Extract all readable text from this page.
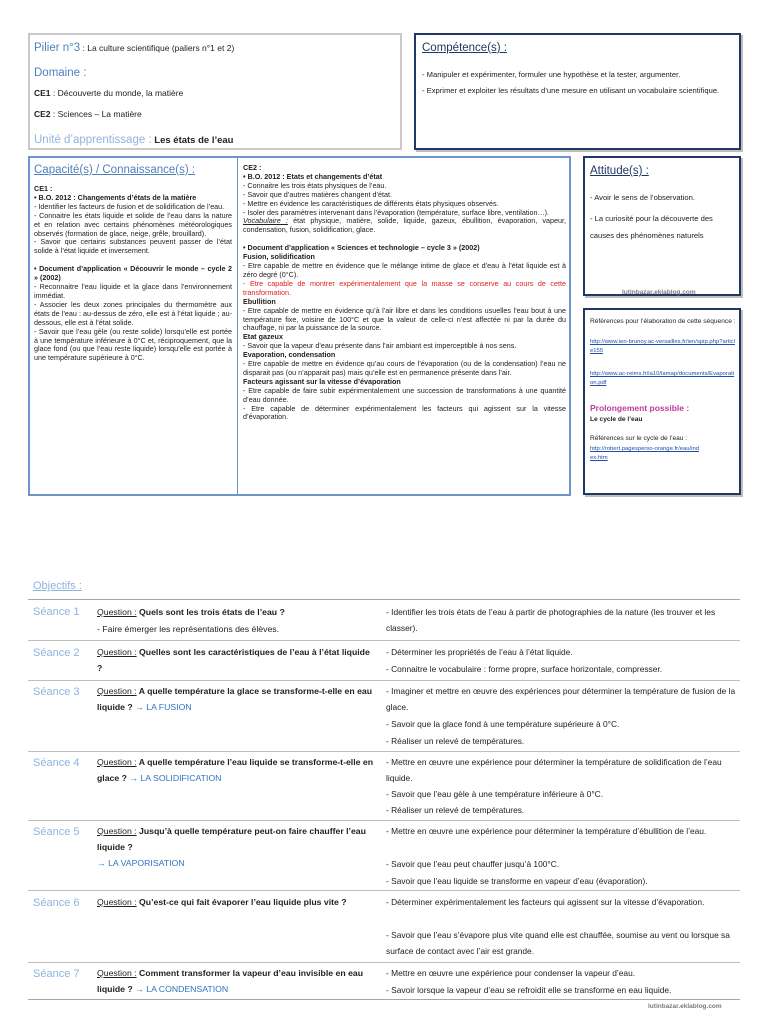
Pilier n°3 : La culture scientifique (paliers n°1 et 2)
Domaine :
CE1 : Découverte du monde, la matière
CE2 : Sciences – La matière
Unité d’apprentissage : Les états de l’eau
Compétence(s) :
- Manipuler et expérimenter, formuler une hypothèse et la tester, argumenter.
- Exprimer et exploiter les résultats d’une mesure en utilisant un vocabulaire scientifique.
Capacité(s) / Connaissance(s) :
CE1 :
• B.O. 2012 : Changements d’états de la matière
- Identifier les facteurs de fusion et de solidification de l’eau.
- Connaitre les états liquide et solide de l’eau dans la nature et en relation avec certains phénomènes météorologiques observés (formation de glace, neige, grêle, brouillard).
- Savoir que certains substances peuvent passer de l’état solide à l’état liquide et inversement.
• Document d’application « Découvrir le monde – cycle 2 » (2002)
- Reconnaitre l’eau liquide et la glace dans l’environnement immédiat.
- Associer les deux zones principales du thermomètre aux états de l’eau : au-dessus de zéro, elle est à l’état liquide ; au-dessous, elle est à l’état solide.
- Savoir que l’eau gèle (ou reste solide) lorsqu’elle est portée à une température inférieure à 0°C et, réciproquement, que la glace fond (ou que l’eau reste liquide) lorsqu’elle est portée à une température supérieure à 0°C.
CE2 :
• B.O. 2012 : Etats et changements d’état
- Connaitre les trois états physiques de l’eau.
- Savoir que d’autres matières changent d’état.
- Mettre en évidence les caractéristiques de différents états physiques observés.
- Isoler des paramètres intervenant dans l’évaporation (température, surface libre, ventilation…).
Vocabulaire : état physique, matière, solide, liquide, gazeux, ébullition, évaporation, vapeur, condensation, fusion, solidification, glace.
• Document d’application « Sciences et technologie – cycle 3 » (2002)
Fusion, solidification
- Etre capable de mettre en évidence que le mélange intime de glace et d’eau à l’état liquide est à zéro degré (0°C).
- Etre capable de montrer expérimentalement que la masse se conserve au cours de cette transformation.
Ebullition
- Etre capable de mettre en évidence qu’à l’air libre et dans les conditions usuelles l’eau bout à une température fixe, voisine de 100°C et que la valeur de celle-ci n’est affectée ni par la durée du chauffage, ni par la puissance de la source.
Etat gazeux
- Savoir que la vapeur d’eau présente dans l’air ambiant est imperceptible à nos sens.
Evaporation, condensation
- Etre capable de mettre en évidence qu’au cours de l’évaporation (ou de la condensation) l’eau ne disparait pas (ou n’apparait pas) mais qu’elle est en permanence présente dans l’air.
Facteurs agissant sur la vitesse d’évaporation
- Etre capable de faire subir expérimentalement une succession de transformations à une quantité d’eau donnée.
- Etre capable de déterminer expérimentalement les facteurs qui agissent sur la vitesse d’évaporation.
Attitude(s) :
- Avoir le sens de l’observation.
- La curiosité pour la découverte des causes des phénomènes naturels
lutinbazar.eklablog.com
Références pour l’élaboration de cette séquence :
http://www.ien-brunoy.ac-versailles.fr/ien/spip.php?article155
http://www.ac-reims.fr/ia10/lamap/documents/Evaporation.pdf
Prolongement possible :
Le cycle de l’eau
Références sur le cycle de l’eau :
http://robert.pagesperso-orange.fr/eau/index.htm
Objectifs :
Séance 1 Question : Quels sont les trois états de l’eau ?
- Faire émerger les représentations des élèves.
- Identifier les trois états de l’eau à partir de photographies de la nature (les trouver et les classer).
Séance 2 Question : Quelles sont les caractéristiques de l’eau à l’état liquide ?
- Déterminer les propriétés de l’eau à l’état liquide.
- Connaitre le vocabulaire : forme propre, surface horizontale, compresser.
Séance 3 Question : A quelle température la glace se transforme-t-elle en eau liquide ? → LA FUSION
- Imaginer et mettre en œuvre des expériences pour déterminer la température de fusion de la glace.
- Savoir que la glace fond à une température supérieure à 0°C.
- Réaliser un relevé de températures.
Séance 4 Question : A quelle température l’eau liquide se transforme-t-elle en glace ? → LA SOLIDIFICATION
- Mettre en œuvre une expérience pour déterminer la température de solidification de l’eau liquide.
- Savoir que l’eau gèle à une température inférieure à 0°C.
- Réaliser un relevé de températures.
Séance 5 Question : Jusqu’à quelle température peut-on faire chauffer l’eau liquide ?
→ LA VAPORISATION
- Mettre en œuvre une expérience pour déterminer la température d’ébullition de l’eau.
- Savoir que l’eau peut chauffer jusqu’à 100°C.
- Savoir que l’eau liquide se transforme en vapeur d’eau (évaporation).
Séance 6 Question : Qu’est-ce qui fait évaporer l’eau liquide plus vite ?	- Déterminer expérimentalement les facteurs qui agissent sur la vitesse d’évaporation.
- Savoir que l’eau s’évapore plus vite quand elle est chauffée, soumise au vent ou lorsque sa surface de contact avec l’air est grande.
Séance 7 Question : Comment transformer la vapeur d’eau invisible en eau liquide ? → LA CONDENSATION
- Mettre en œuvre une expérience pour condenser la vapeur d’eau.
- Savoir lorsque la vapeur d’eau se refroidit elle se transforme en eau liquide.
lutinbazar.eklablog.com
